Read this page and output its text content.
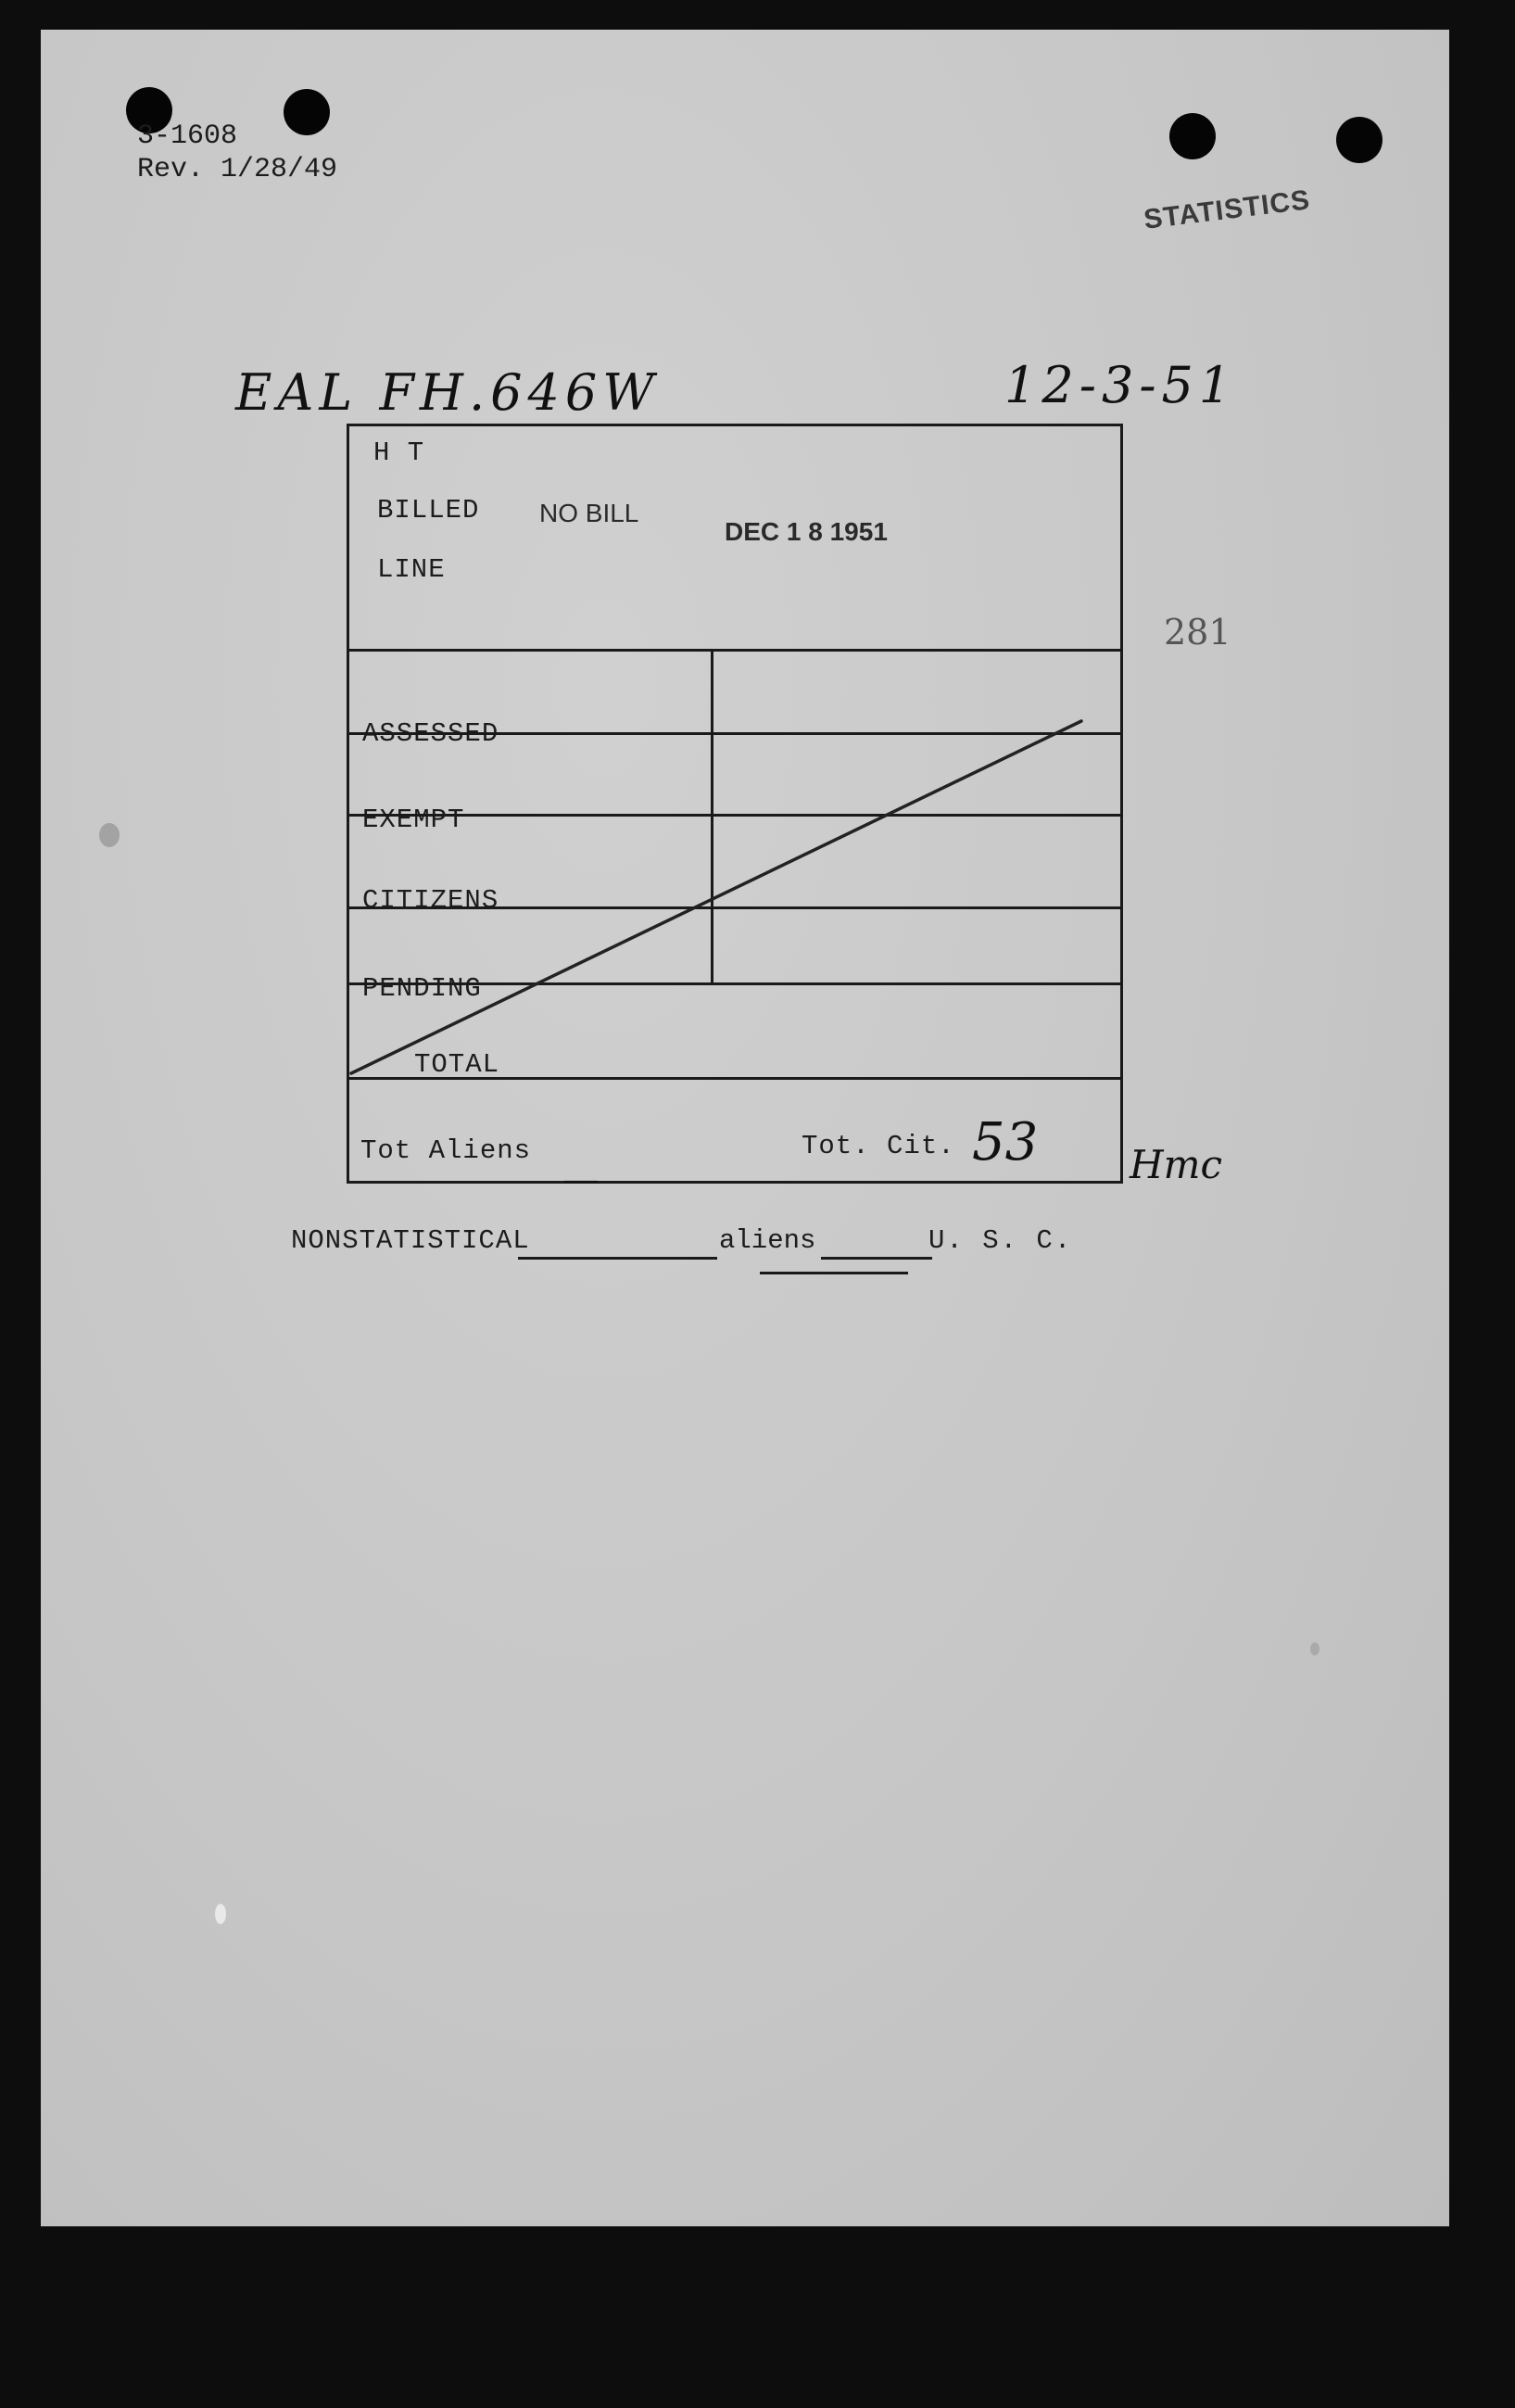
3-1608
Rev. 1/28/49
STATISTICS
EAL FH.646W	12-3-51
H T
BILLED
LINE
NO BILL
DEC 1 8 1951
ASSESSED
EXEMPT
CITIZENS
PENDING
TOTAL
Tot Aliens	Tot. Cit. 53
—
281
Hmc
NONSTATISTICAL	aliens	U. S. C.
